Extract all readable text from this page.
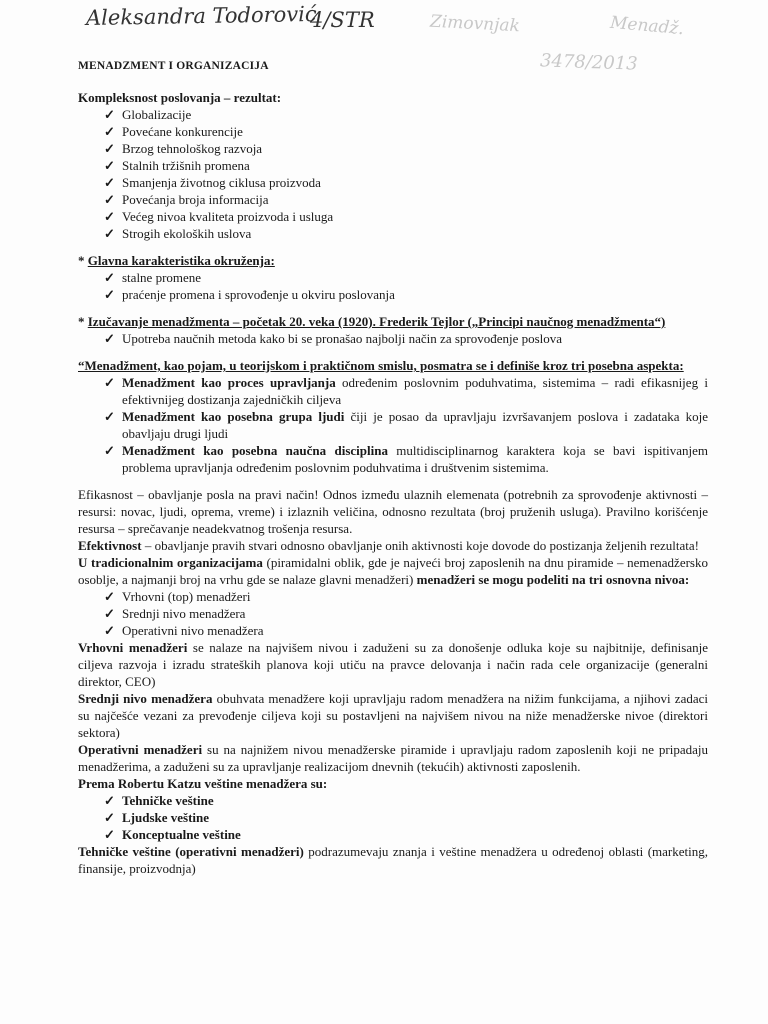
Aleksandra Todorović
4/STR	Zimovnjak	Menadž.
3478/2013

MENADZMENT I ORGANIZACIJA

Kompleksnost poslovanja – rezultat:

✓ Globalizacije
✓ Povećane konkurencije
✓ Brzog tehnološkog razvoja
✓ Stalnih tržišnih promena
✓ Smanjenja životnog ciklusa proizvoda
✓ Povećanja broja informacija
✓ Većeg nivoa kvaliteta proizvoda i usluga
✓ Strogih ekoloških uslova

* Glavna karakteristika okruženja:

✓ stalne promene
✓ praćenje promena i sprovođenje u okviru poslovanja

* Izučavanje menadžmenta – početak 20. veka (1920). Frederik Tejlor („Principi naučnog menadžmenta“)

✓ Upotreba naučnih metoda kako bi se pronašao najbolji način za sprovođenje poslova

“Menadžment, kao pojam, u teorijskom i praktičnom smislu, posmatra se i definiše kroz tri posebna aspekta:

✓ Menadžment kao proces upravljanja određenim poslovnim poduhvatima, sistemima – radi efikasnijeg i efektivnijeg dostizanja zajedničkih ciljeva
✓ Menadžment kao posebna grupa ljudi čiji je posao da upravljaju izvršavanjem poslova i zadataka koje obavljaju drugi ljudi
✓ Menadžment kao posebna naučna disciplina multidisciplinarnog karaktera koja se bavi ispitivanjem problema upravljanja određenim poslovnim poduhvatima i društvenim sistemima.

Efikasnost – obavljanje posla na pravi način! Odnos između ulaznih elemenata (potrebnih za sprovođenje aktivnosti – resursi: novac, ljudi, oprema, vreme) i izlaznih veličina, odnosno rezultata (broj pruženih usluga). Pravilno korišćenje resursa – sprečavanje neadekvatnog trošenja resursa.

Efektivnost – obavljanje pravih stvari odnosno obavljanje onih aktivnosti koje dovode do postizanja željenih rezultata!

U tradicionalnim organizacijama (piramidalni oblik, gde je najveći broj zaposlenih na dnu piramide – nemenadžersko osoblje, a najmanji broj na vrhu gde se nalaze glavni menadžeri) menadžeri se mogu podeliti na tri osnovna nivoa:

✓ Vrhovni (top) menadžeri
✓ Srednji nivo menadžera
✓ Operativni nivo menadžera

Vrhovni menadžeri se nalaze na najvišem nivou i zaduženi su za donošenje odluka koje su najbitnije, definisanje ciljeva razvoja i izradu strateških planova koji utiču na pravce delovanja i način rada cele organizacije (generalni direktor, CEO)

Srednji nivo menadžera obuhvata menadžere koji upravljaju radom menadžera na nižim funkcijama, a njihovi zadaci su najčešće vezani za prevođenje ciljeva koji su postavljeni na najvišem nivou na niže menadžerske nivoe (direktori sektora)

Operativni menadžeri su na najnižem nivou menadžerske piramide i upravljaju radom zaposlenih koji ne pripadaju menadžerima, a zaduženi su za upravljanje realizacijom dnevnih (tekućih) aktivnosti zaposlenih.

Prema Robertu Katzu veštine menadžera su:

✓ Tehničke veštine
✓ Ljudske veštine
✓ Konceptualne veštine

Tehničke veštine (operativni menadžeri) podrazumevaju znanja i veštine menadžera u određenoj oblasti (marketing, finansije, proizvodnja)
